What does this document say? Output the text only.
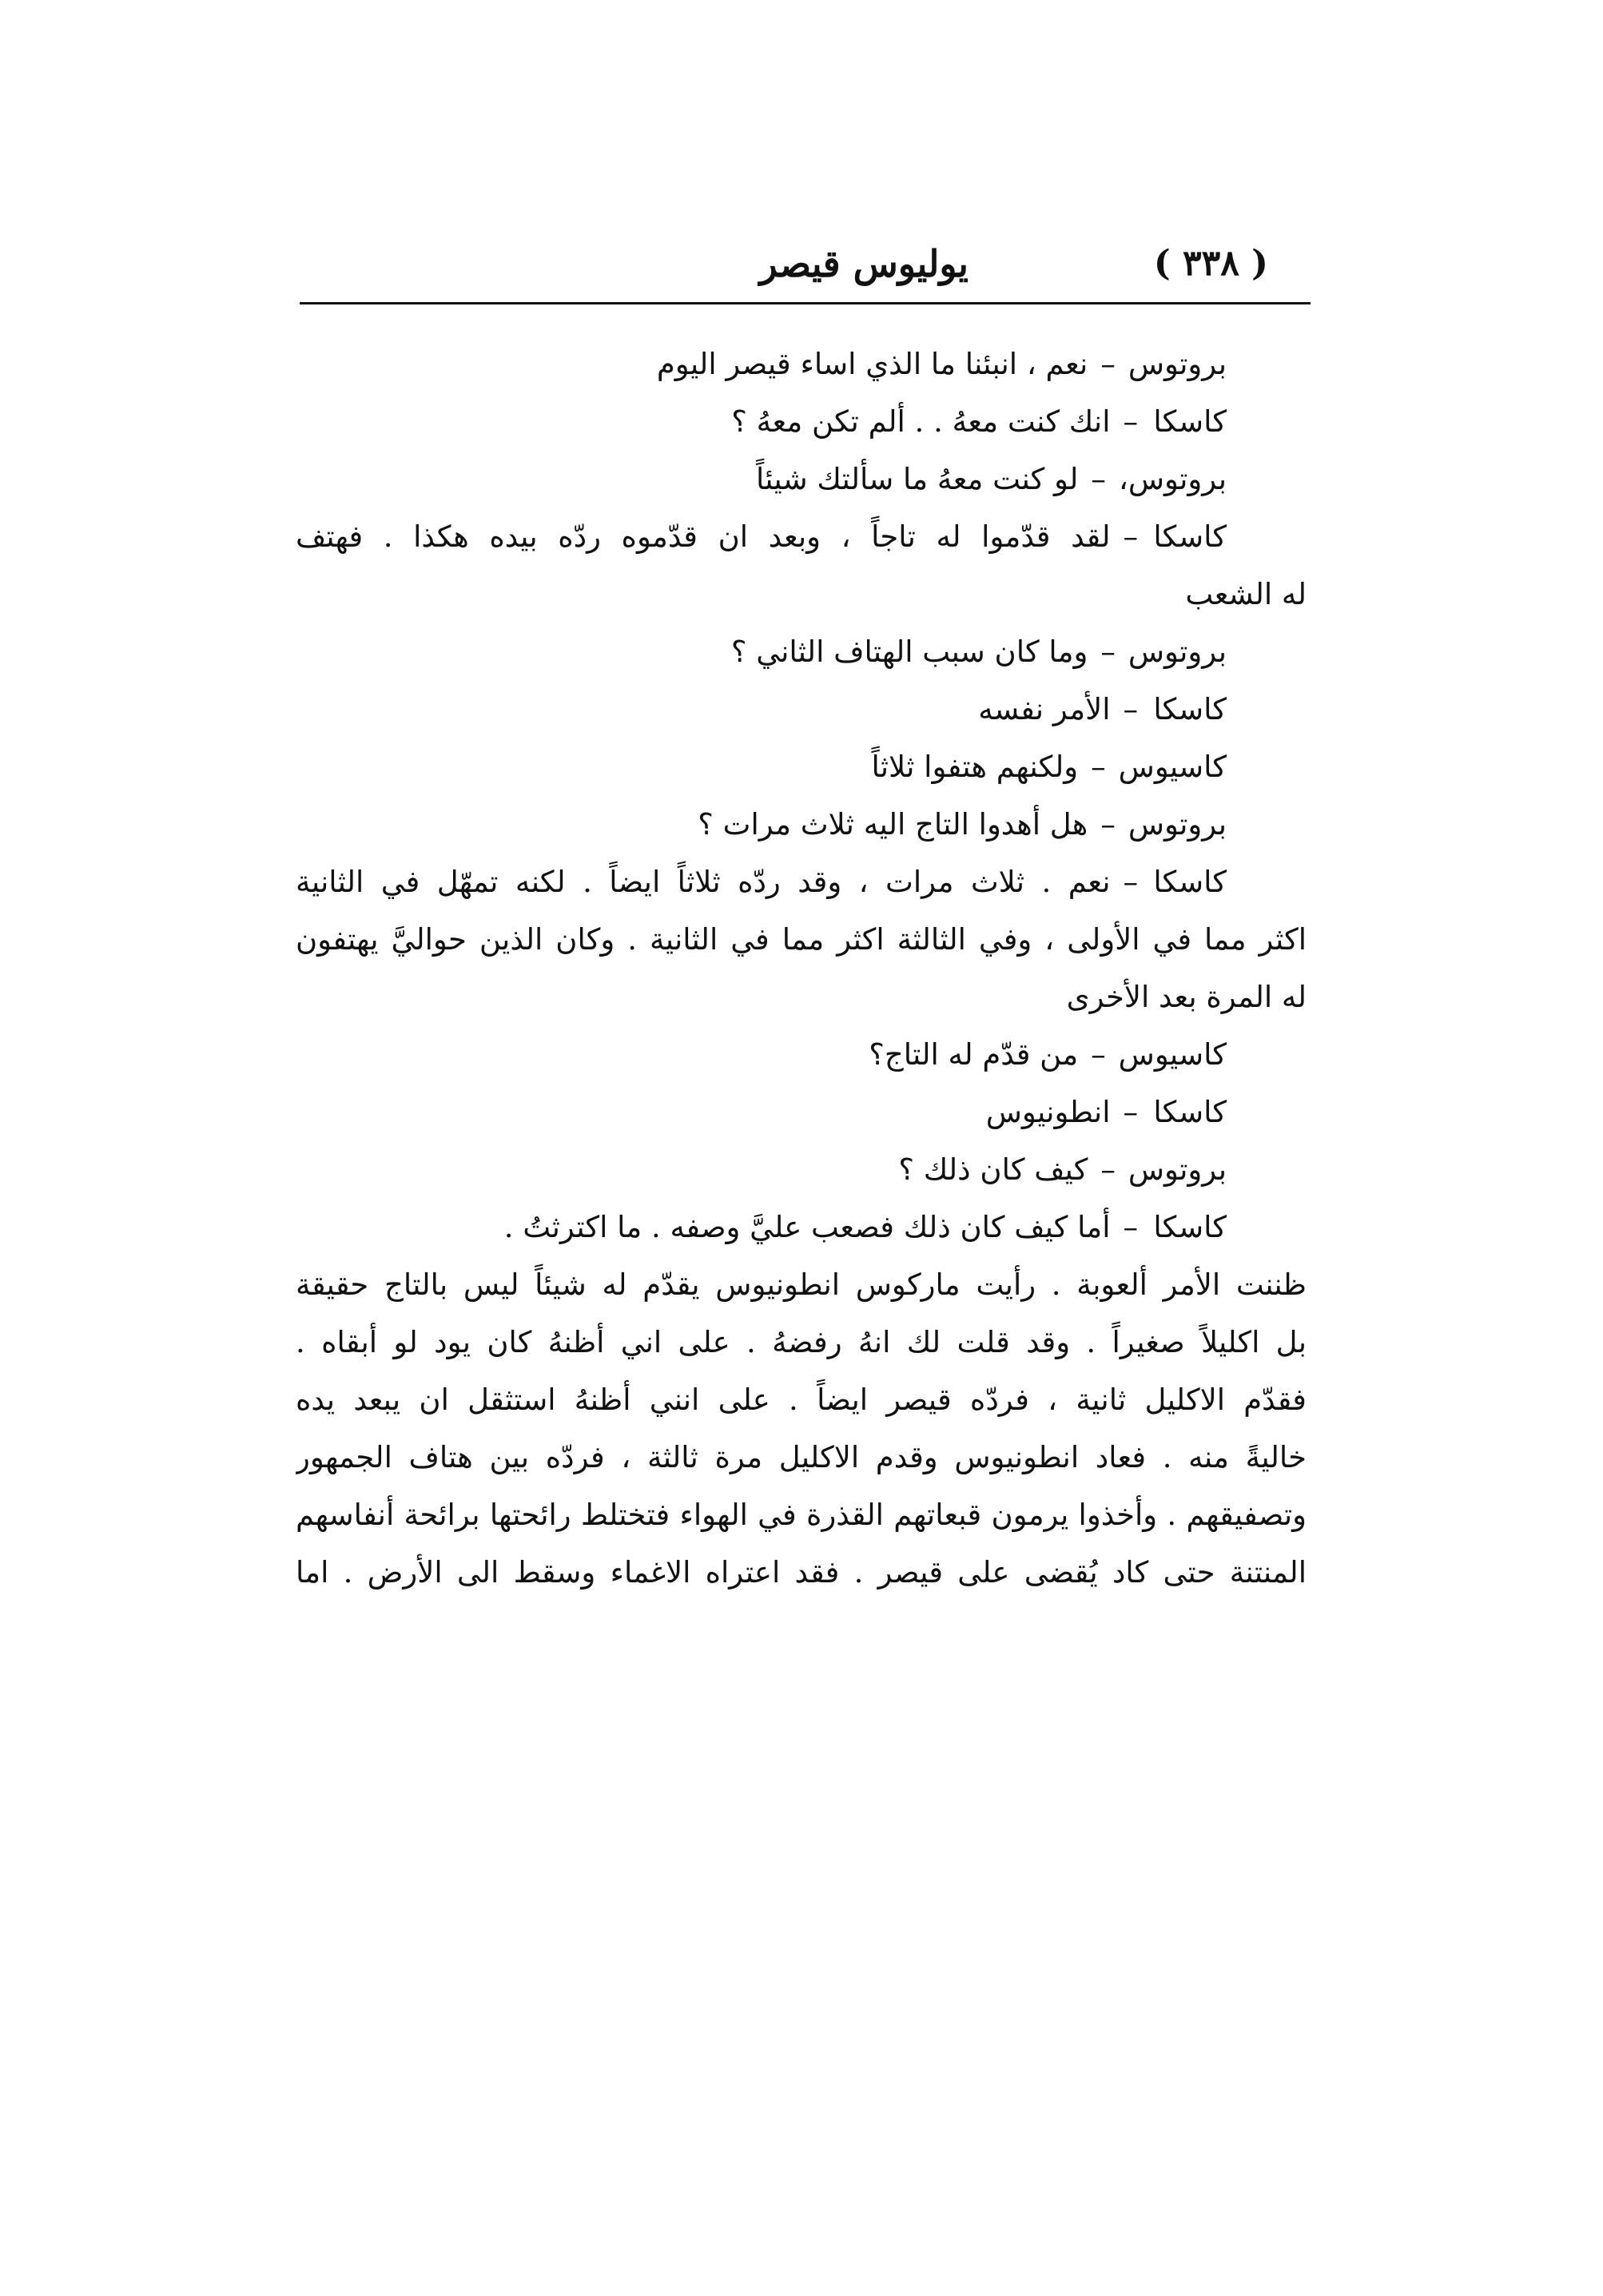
( ٣٣٨ )
يوليوس قيصر
بروتوس–نعم ، انبئنا ما الذي اساء قيصر اليوم
كاسكا–انك كنت معهُ . . ألم تكن معهُ ؟
بروتوس،–لو كنت معهُ ما سألتك شيئاً
كاسكا–لقد قدّموا له تاجاً ، وبعد ان قدّموه ردّه بيده هكذا . فهتف
له الشعب
بروتوس–وما كان سبب الهتاف الثاني ؟
كاسكا–الأمر نفسه
كاسيوس–ولكنهم هتفوا ثلاثاً
بروتوس–هل أهدوا التاج اليه ثلاث مرات ؟
كاسكا–نعم . ثلاث مرات ، وقد ردّه ثلاثاً ايضاً . لكنه تمهّل في الثانية
اكثر مما في الأولى ، وفي الثالثة اكثر مما في الثانية . وكان الذين حواليَّ يهتفون
له المرة بعد الأخرى
كاسيوس–من قدّم له التاج؟
كاسكا–انطونيوس
بروتوس–كيف كان ذلك ؟
كاسكا–أما كيف كان ذلك فصعب عليَّ وصفه . ما اكترثتُ .
ظننت الأمر ألعوبة . رأيت ماركوس انطونيوس يقدّم له شيئاً ليس بالتاج حقيقة
بل اكليلاً صغيراً . وقد قلت لك انهُ رفضهُ . على اني أظنهُ كان يود لو أبقاه .
فقدّم الاكليل ثانية ، فردّه قيصر ايضاً . على انني أظنهُ استثقل ان يبعد يده
خاليةً منه . فعاد انطونيوس وقدم الاكليل مرة ثالثة ، فردّه بين هتاف الجمهور
وتصفيقهم . وأخذوا يرمون قبعاتهم القذرة في الهواء فتختلط رائحتها برائحة أنفاسهم
المنتنة حتى كاد يُقضى على قيصر . فقد اعتراه الاغماء وسقط الى الأرض . اما
